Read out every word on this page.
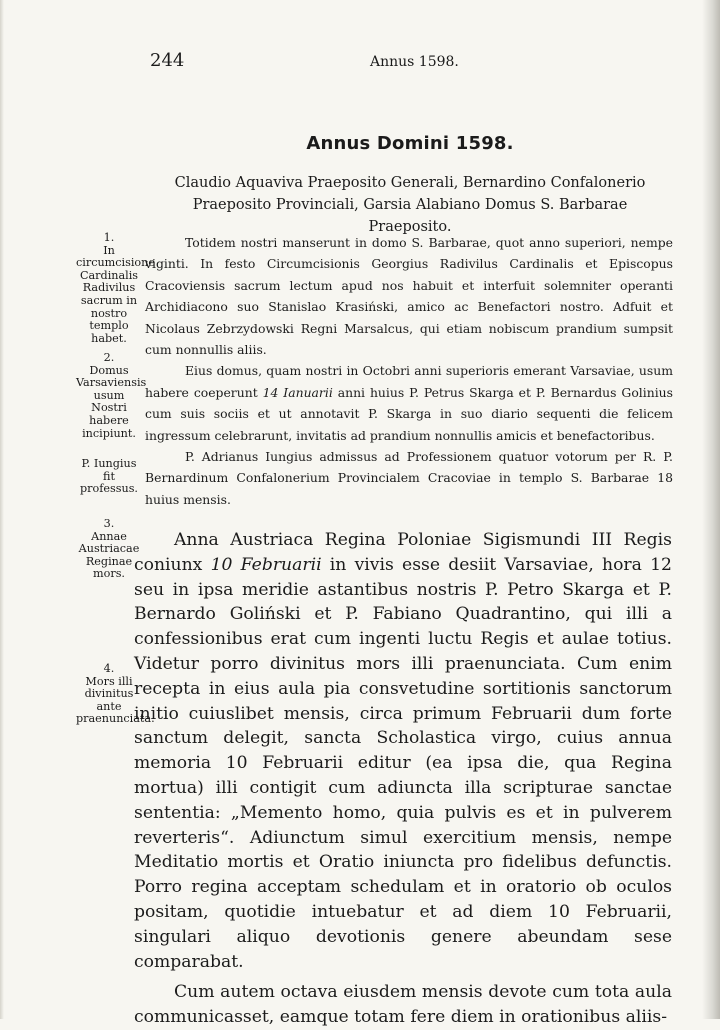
244	Annus 1598.
Annus Domini 1598.
Claudio Aquaviva Praeposito Generali, Bernardino Confalonerio Praeposito Provinciali, Garsia Alabiano Domus S. Barbarae Praeposito.
1.
In circumcisione Cardinalis Radivilus sacrum in nostro templo habet.
2.
Domus Varsaviensis usum Nostri habere incipiunt.
P. Iungius fit professus.
3.
Annae Austriacae Reginae mors.
4.
Mors illi divinitus ante praenunciata.

Totidem nostri manserunt in domo S. Barbarae, quot anno superiori, nempe viginti. In festo Circumcisionis Georgius Radivilus Cardinalis et Episcopus Cracoviensis sacrum lectum apud nos habuit et interfuit solemniter operanti Archidiacono suo Stanislao Krasiński, amico ac Benefactori nostro. Adfuit et Nicolaus Zebrzydowski Regni Marsalcus, qui etiam nobiscum prandium sumpsit cum nonnullis aliis.

Eius domus, quam nostri in Octobri anni superioris emerant Varsaviae, usum habere coeperunt 14 Ianuarii anni huius P. Petrus Skarga et P. Bernardus Golinius cum suis sociis et ut annotavit P. Skarga in suo diario sequenti die felicem ingressum celebrarunt, invitatis ad prandium nonnullis amicis et benefactoribus.

P. Adrianus Iungius admissus ad Professionem quatuor votorum per R. P. Bernardinum Confalonerium Provincialem Cracoviae in templo S. Barbarae 18 huius mensis.

Anna Austriaca Regina Poloniae Sigismundi III Regis coniunx 10 Februarii in vivis esse desiit Varsaviae, hora 12 seu in ipsa meridie astantibus nostris P. Petro Skarga et P. Bernardo Goliński et P. Fabiano Quadrantino, qui illi a confessionibus erat cum ingenti luctu Regis et aulae totius. Videtur porro divinitus mors illi praenunciata. Cum enim recepta in eius aula pia consvetudine sortitionis sanctorum initio cuiuslibet mensis, circa primum Februarii dum forte sanctum delegit, sancta Scholastica virgo, cuius annua memoria 10 Februarii editur (ea ipsa die, qua Regina mortua) illi contigit cum adiuncta illa scripturae sanctae sententia: „Memento homo, quia pulvis es et in pulverem reverteris“. Adiunctum simul exercitium mensis, nempe Meditatio mortis et Oratio iniuncta pro fidelibus defunctis. Porro regina acceptam schedulam et in oratorio ob oculos positam, quotidie intuebatur et ad diem 10 Februarii, singulari aliquo devotionis genere abeundam sese comparabat.

Cum autem octava eiusdem mensis devote cum tota aula communicasset, eamque totam fere diem in orationibus aliis-
